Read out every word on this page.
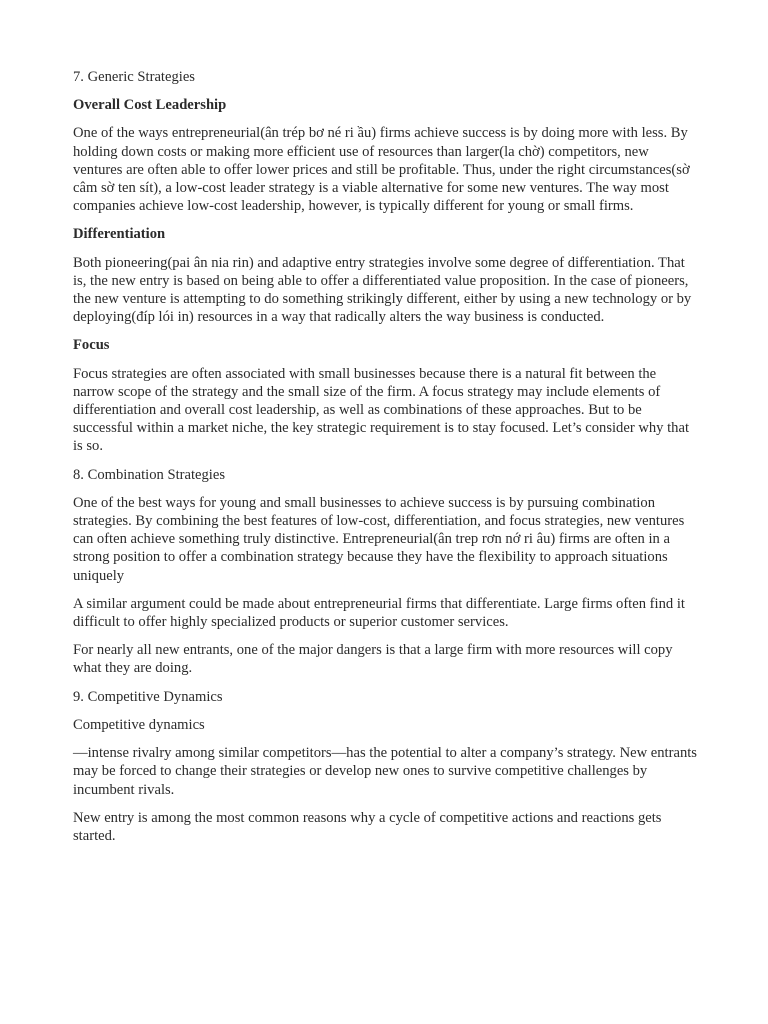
7. Generic Strategies

Overall Cost Leadership

One of the ways entrepreneurial(ân trép bơ né ri ầu) firms achieve success is by doing more with less. By holding down costs or making more efficient use of resources than larger(la chờ) competitors, new ventures are often able to offer lower prices and still be profitable. Thus, under the right circumstances(sờ câm sờ ten sít), a low-cost leader strategy is a viable alternative for some new ventures. The way most companies achieve low-cost leadership, however, is typically different for young or small firms.

Differentiation

Both pioneering(pai ân nia rin) and adaptive entry strategies involve some degree of differentiation. That is, the new entry is based on being able to offer a differentiated value proposition. In the case of pioneers, the new venture is attempting to do something strikingly different, either by using a new technology or by deploying(đíp lói in) resources in a way that radically alters the way business is conducted.

Focus

Focus strategies are often associated with small businesses because there is a natural fit between the narrow scope of the strategy and the small size of the firm. A focus strategy may include elements of differentiation and overall cost leadership, as well as combinations of these approaches. But to be successful within a market niche, the key strategic requirement is to stay focused. Let’s consider why that is so.

8. Combination Strategies

One of the best ways for young and small businesses to achieve success is by pursuing combination strategies. By combining the best features of low-cost, differentiation, and focus strategies, new ventures can often achieve something truly distinctive. Entrepreneurial(ân trep rơn nớ ri âu) firms are often in a strong position to offer a combination strategy because they have the flexibility to approach situations uniquely

A similar argument could be made about entrepreneurial firms that differentiate. Large firms often find it difficult to offer highly specialized products or superior customer services.

For nearly all new entrants, one of the major dangers is that a large firm with more resources will copy what they are doing.

9. Competitive Dynamics

Competitive dynamics

—intense rivalry among similar competitors—has the potential to alter a company’s strategy. New entrants may be forced to change their strategies or develop new ones to survive competitive challenges by incumbent rivals.

New entry is among the most common reasons why a cycle of competitive actions and reactions gets started.
